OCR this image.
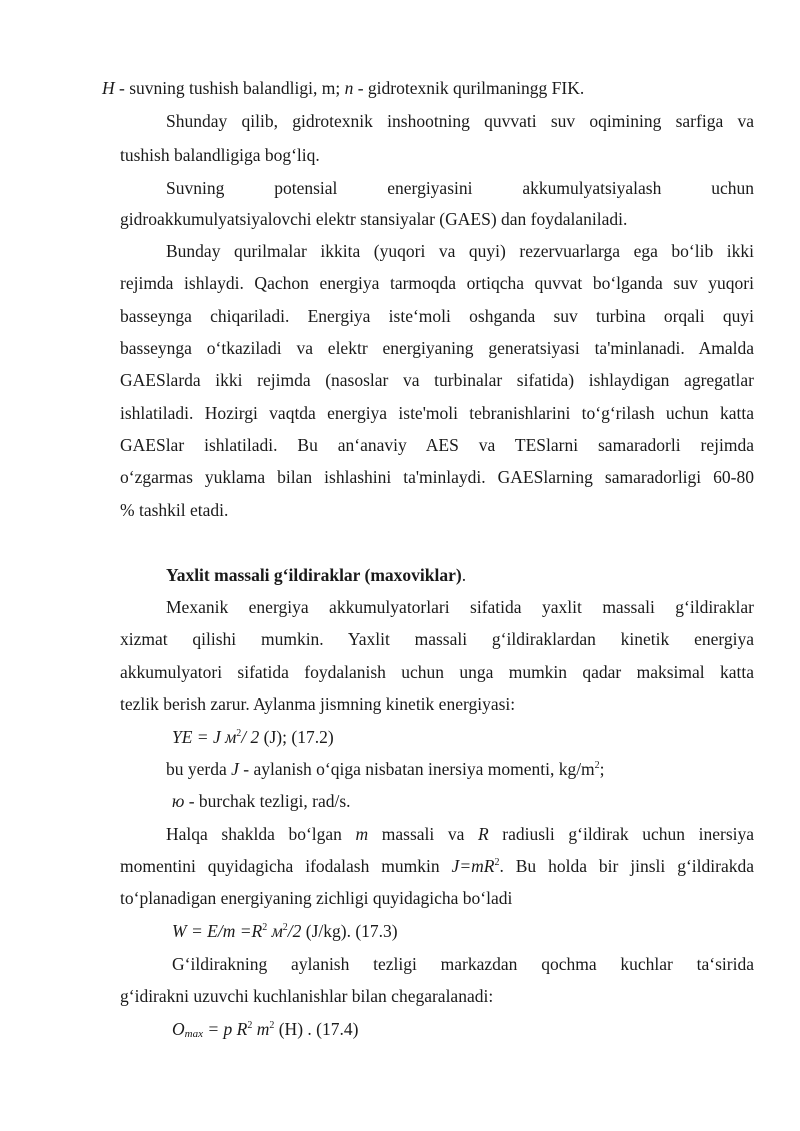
H - suvning tushish balandligi, m; n - gidrotexnik qurilmaningg FIK.
Shunday qilib, gidrotexnik inshootning quvvati suv oqimining sarfiga va
tushish balandligiga bog‘liq.
Suvning potensial energiyasini akkumulyatsiyalash uchun
gidroakkumulyatsiyalovchi elektr stansiyalar (GAES) dan foydalaniladi.
Bunday qurilmalar ikkita (yuqori va quyi) rezervuarlarga ega bo‘lib ikki
rejimda ishlaydi. Qachon energiya tarmoqda ortiqcha quvvat bo‘lganda suv yuqori
basseynga chiqariladi. Energiya iste‘moli oshganda suv turbina orqali quyi
basseynga o‘tkaziladi va elektr energiyaning generatsiyasi ta'minlanadi. Amalda
GAESlarda ikki rejimda (nasoslar va turbinalar sifatida) ishlaydigan agregatlar
ishlatiladi. Hozirgi vaqtda energiya iste'moli tebranishlarini to‘g‘rilash uchun katta
GAESlar ishlatiladi. Bu an‘anaviy AES va TESlarni samaradorli rejimda
o‘zgarmas yuklama bilan ishlashini ta'minlaydi. GAESlarning samaradorligi 60-80
% tashkil etadi.
Yaxlit massali g‘ildiraklar (maxoviklar).
Mexanik energiya akkumulyatorlari sifatida yaxlit massali g‘ildiraklar
xizmat qilishi mumkin. Yaxlit massali g‘ildiraklardan kinetik energiya
akkumulyatori sifatida foydalanish uchun unga mumkin qadar maksimal katta
tezlik berish zarur. Aylanma jismning kinetik energiyasi:
YE = J $м^2/$ 2 (J); (17.2)
bu yerda J - aylanish o‘qiga nisbatan inersiya momenti, $kg/m^2$;
ю - burchak tezligi, rad/s.
Halqa shaklda bo‘lgan m massali va R radiusli g‘ildirak uchun inersiya
momentini quyidagicha ifodalash mumkin $J=mR^2$. Bu holda bir jinsli g‘ildirakda
to‘planadigan energiyaning zichligi quyidagicha bo‘ladi
$W = E/m =R^2$ $м^2/2$ (J/kg). (17.3)
G‘ildirakning aylanish tezligi markazdan qochma kuchlar ta‘sirida
g‘idirakni uzuvchi kuchlanishlar bilan chegaralanadi:
$O_{max} = p$ $R^2$ $m^2$ (H) . (17.4)
